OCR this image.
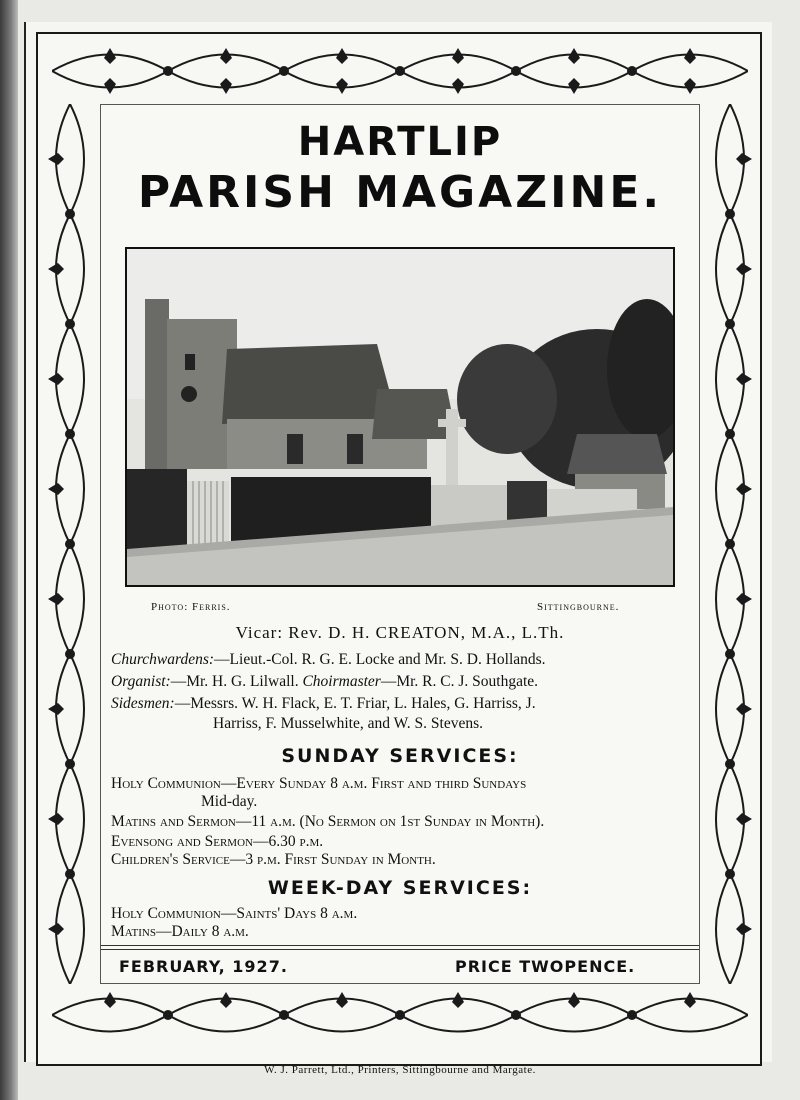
HARTLIP
PARISH MAGAZINE.
Photo: Ferris.	Sittingbourne.
Vicar: Rev. D. H. CREATON, M.A., L.Th.
Churchwardens:—Lieut.-Col. R. G. E. Locke and Mr. S. D. Hollands.
Organist:—Mr. H. G. Lilwall. Choirmaster—Mr. R. C. J. Southgate.
Sidesmen:—Messrs. W. H. Flack, E. T. Friar, L. Hales, G. Harriss, J.
Harriss, F. Musselwhite, and W. S. Stevens.
SUNDAY SERVICES:
Holy Communion—Every Sunday 8 a.m. First and third Sundays
Mid-day.
Matins and Sermon—11 a.m. (No Sermon on 1st Sunday in Month).
Evensong and Sermon—6.30 p.m.
Children's Service—3 p.m. First Sunday in Month.
WEEK-DAY SERVICES:
Holy Communion—Saints' Days 8 a.m.
Matins—Daily 8 a.m.
FEBRUARY, 1927.	PRICE TWOPENCE.
W. J. Parrett, Ltd., Printers, Sittingbourne and Margate.
